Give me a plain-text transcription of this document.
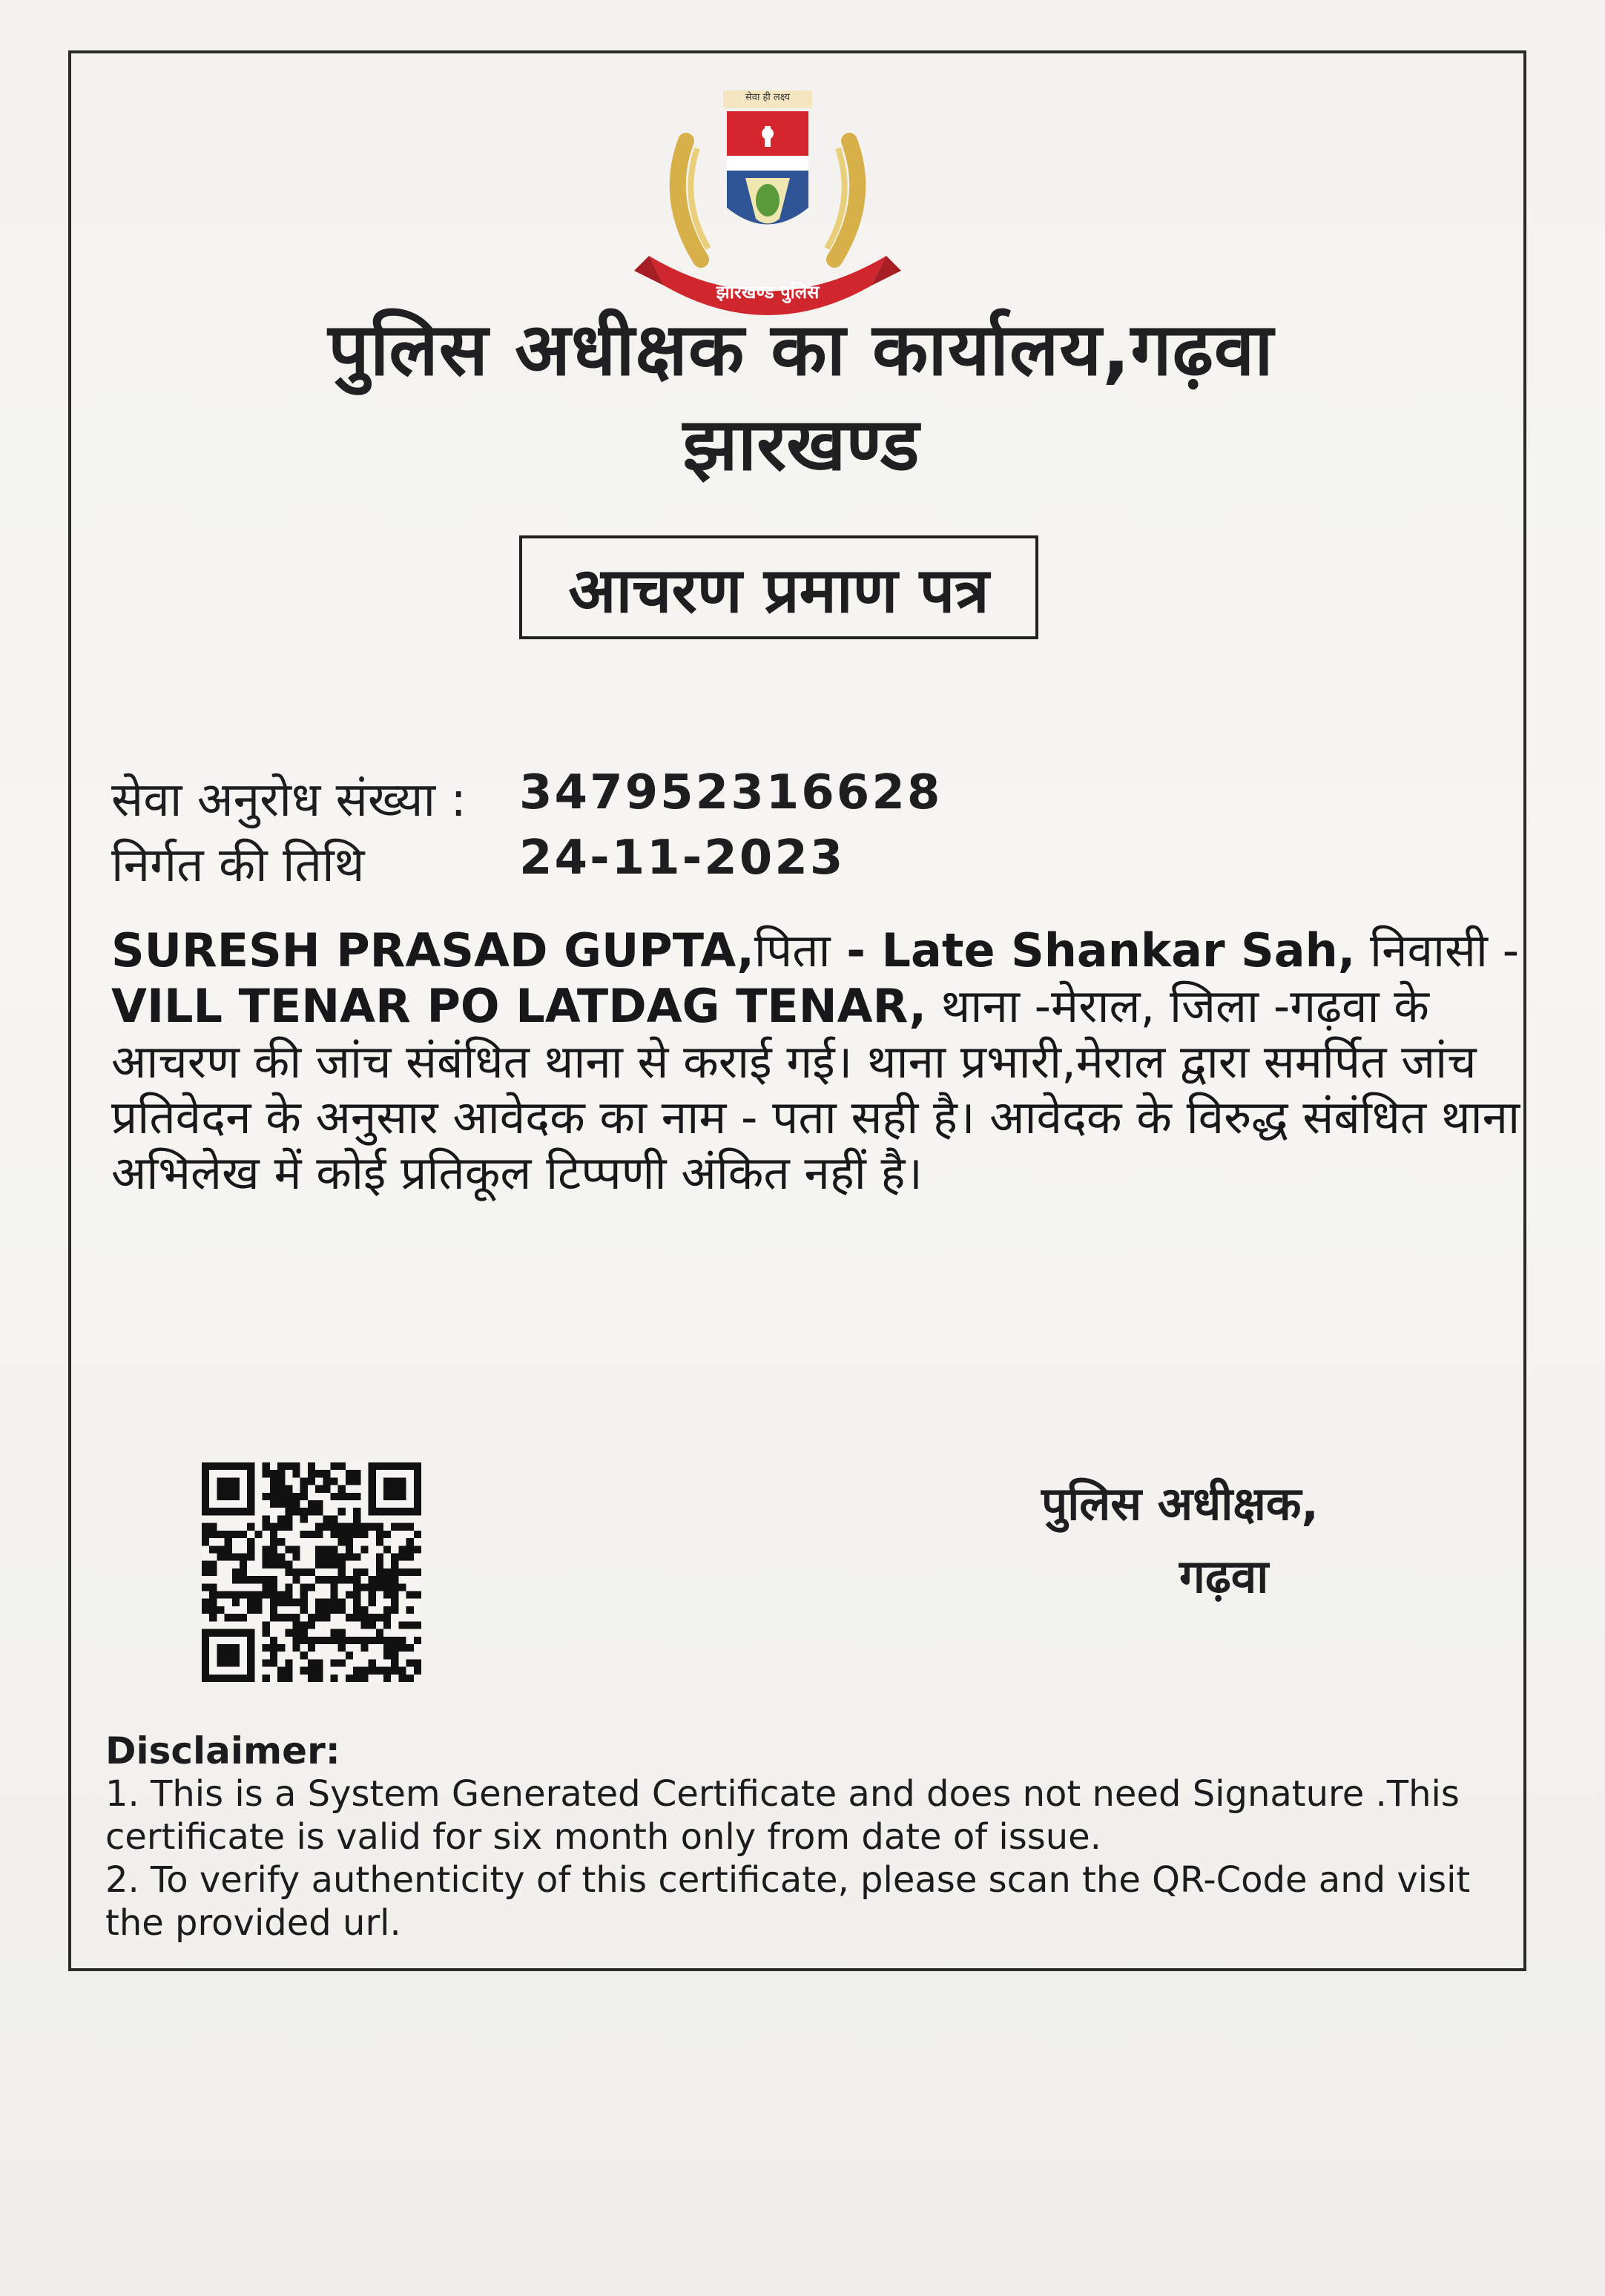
सेवा ही लक्ष्य
झारखण्ड पुलिस
पुलिस अधीक्षक का कार्यालय,गढ़वा
झारखण्ड
आचरण प्रमाण पत्र
सेवा अनुरोध संख्या : 347952316628
निर्गत की तिथि	24-11-2023
SURESH PRASAD GUPTA,पिता - Late Shankar Sah, निवासी - VILL TENAR PO LATDAG TENAR, थाना -मेराल, जिला -गढ़वा के आचरण की जांच संबंधित थाना से कराई गई। थाना प्रभारी,मेराल द्वारा समर्पित जांच प्रतिवेदन के अनुसार आवेदक का नाम - पता सही है। आवेदक के विरुद्ध संबंधित थाना अभिलेख में कोई प्रतिकूल टिप्पणी अंकित नहीं है।
पुलिस अधीक्षक,
गढ़वा
Disclaimer:
1. This is a System Generated Certificate and does not need Signature .This certificate is valid for six month only from date of issue.
2. To verify authenticity of this certificate, please scan the QR-Code and visit the provided url.
